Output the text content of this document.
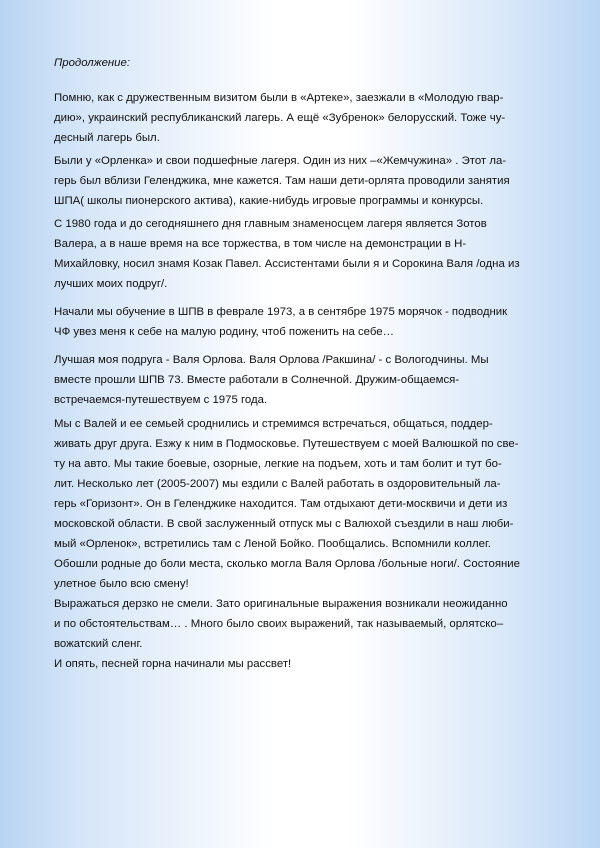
Продолжение:
Помню, как с дружественным визитом были в «Артеке», заезжали в «Молодую гвар-
дию», украинский республиканский лагерь. А ещё «Зубренок» белорусский. Тоже чу-
десный лагерь был.
Были у «Орленка» и свои подшефные лагеря. Один из них –«Жемчужина» . Этот ла-
герь был вблизи Геленджика, мне кажется. Там наши дети-орлята проводили занятия
ШПА( школы пионерского актива), какие-нибудь игровые программы и конкурсы.
С 1980 года и до сегодняшнего дня главным знаменосцем лагеря является Зотов
Валера, а в наше время на все торжества, в том числе на демонстрации в Н-
Михайловку, носил знамя Козак Павел. Ассистентами были я и Сорокина Валя /одна из
лучших моих подруг/.
Начали мы обучение в ШПВ в феврале 1973, а в сентябре 1975 морячок - подводник
ЧФ увез меня к себе на малую родину, чтоб поженить на себе…
Лучшая моя подруга - Валя Орлова. Валя Орлова /Ракшина/ - с Вологодчины. Мы
вместе прошли ШПВ 73. Вместе работали в Солнечной. Дружим-общаемся-
встречаемся-путешествуем с 1975 года.
Мы с Валей и ее семьей сроднились и стремимся встречаться, общаться, поддер-
живать друг друга. Езжу к ним в Подмосковье. Путешествуем с моей Валюшкой по све-
ту на авто. Мы такие боевые, озорные, легкие на подъем, хоть и там болит и тут бо-
лит. Несколько лет (2005-2007) мы ездили с Валей работать в оздоровительный ла-
герь «Горизонт». Он в Геленджике находится. Там отдыхают дети-москвичи и дети из
московской области. В свой заслуженный отпуск мы с Валюхой съездили в наш люби-
мый «Орленок», встретились там с Леной Бойко. Пообщались. Вспомнили коллег.
Обошли родные до боли места, сколько могла Валя Орлова /больные ноги/. Состояние
улетное было всю смену!
Выражаться дерзко не смели. Зато оригинальные выражения возникали неожиданно
и по обстоятельствам… . Много было своих выражений, так называемый, орлятско–
вожатский сленг.
И опять, песней горна начинали мы рассвет!
